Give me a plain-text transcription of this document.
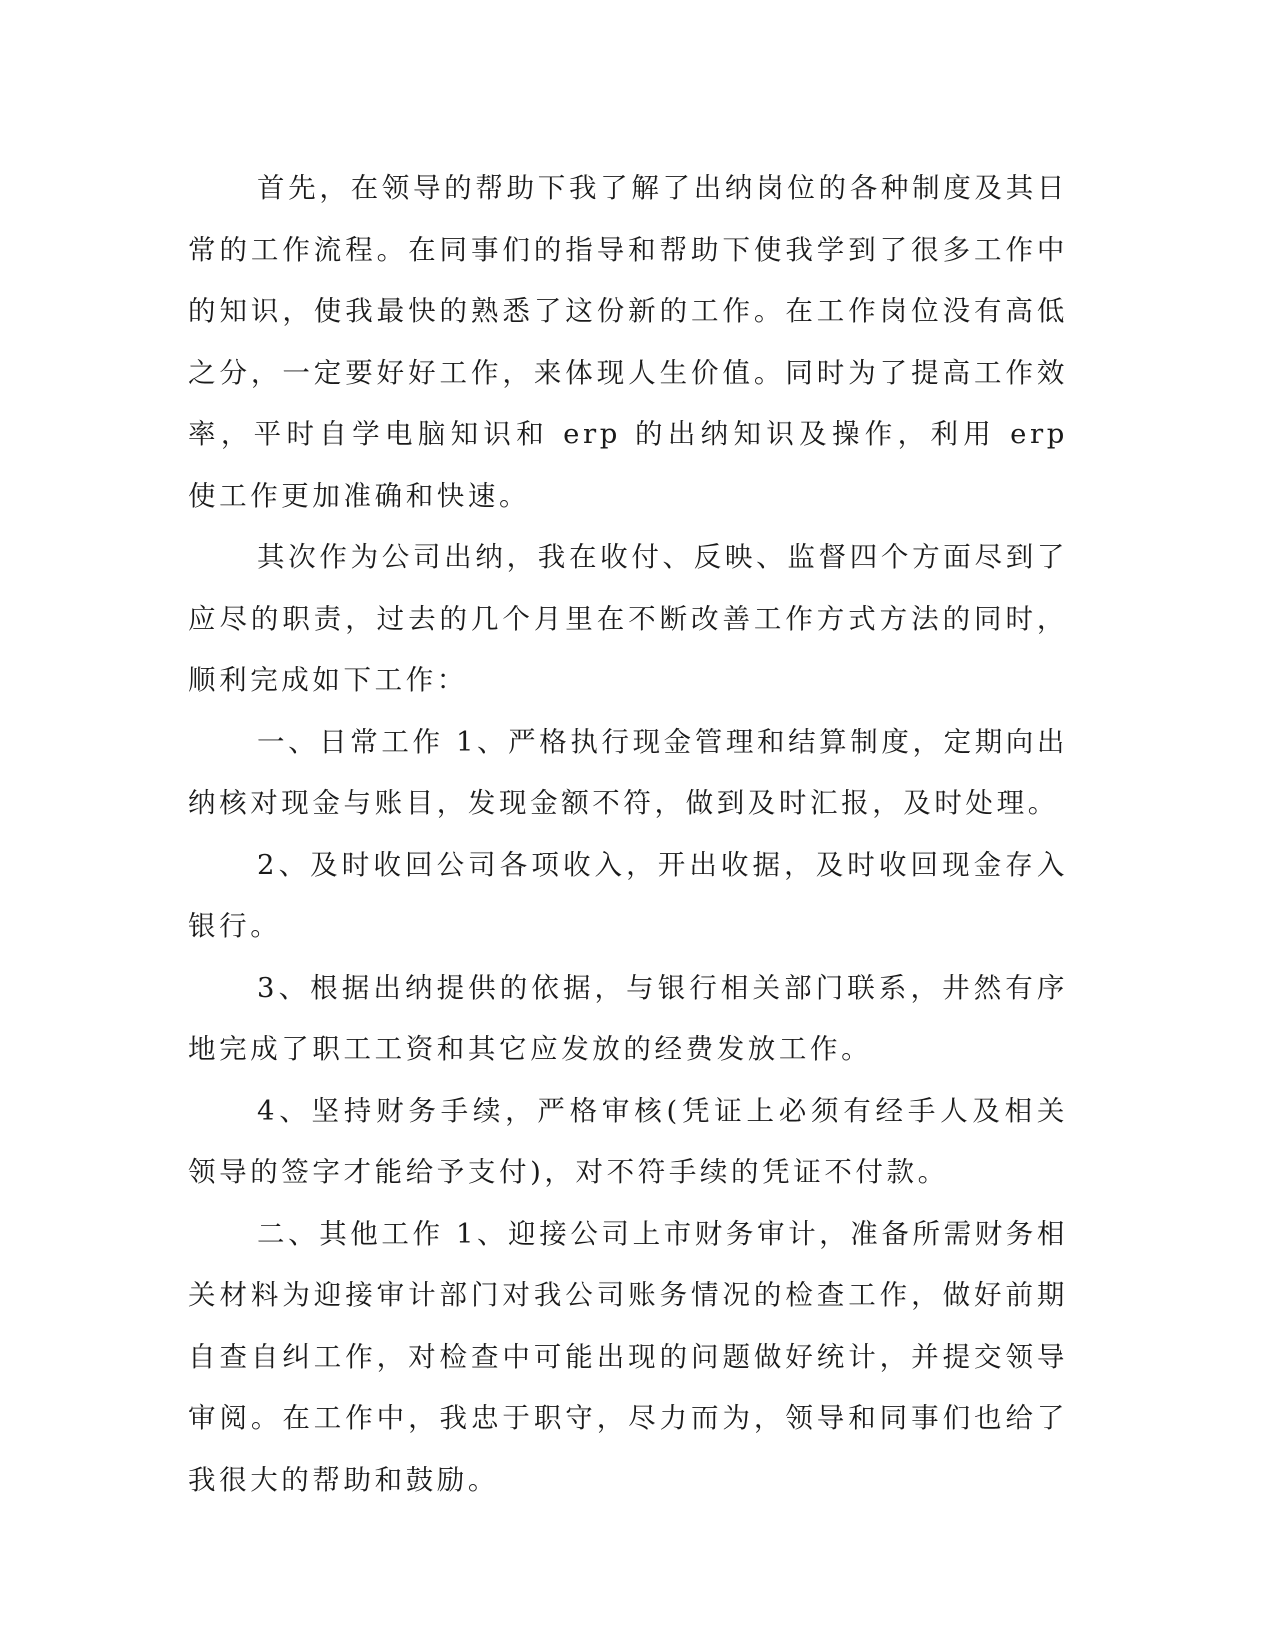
首先，在领导的帮助下我了解了出纳岗位的各种制度及其日常的工作流程。在同事们的指导和帮助下使我学到了很多工作中的知识，使我最快的熟悉了这份新的工作。在工作岗位没有高低之分，一定要好好工作，来体现人生价值。同时为了提高工作效率，平时自学电脑知识和 erp 的出纳知识及操作，利用 erp 使工作更加准确和快速。

其次作为公司出纳，我在收付、反映、监督四个方面尽到了应尽的职责，过去的几个月里在不断改善工作方式方法的同时，顺利完成如下工作：

一、日常工作 1、严格执行现金管理和结算制度，定期向出纳核对现金与账目，发现金额不符，做到及时汇报，及时处理。

2、及时收回公司各项收入，开出收据，及时收回现金存入银行。

3、根据出纳提供的依据，与银行相关部门联系，井然有序地完成了职工工资和其它应发放的经费发放工作。

4、坚持财务手续，严格审核(凭证上必须有经手人及相关领导的签字才能给予支付)，对不符手续的凭证不付款。

二、其他工作 1、迎接公司上市财务审计，准备所需财务相关材料为迎接审计部门对我公司账务情况的检查工作，做好前期自查自纠工作，对检查中可能出现的问题做好统计，并提交领导审阅。在工作中，我忠于职守，尽力而为，领导和同事们也给了我很大的帮助和鼓励。
